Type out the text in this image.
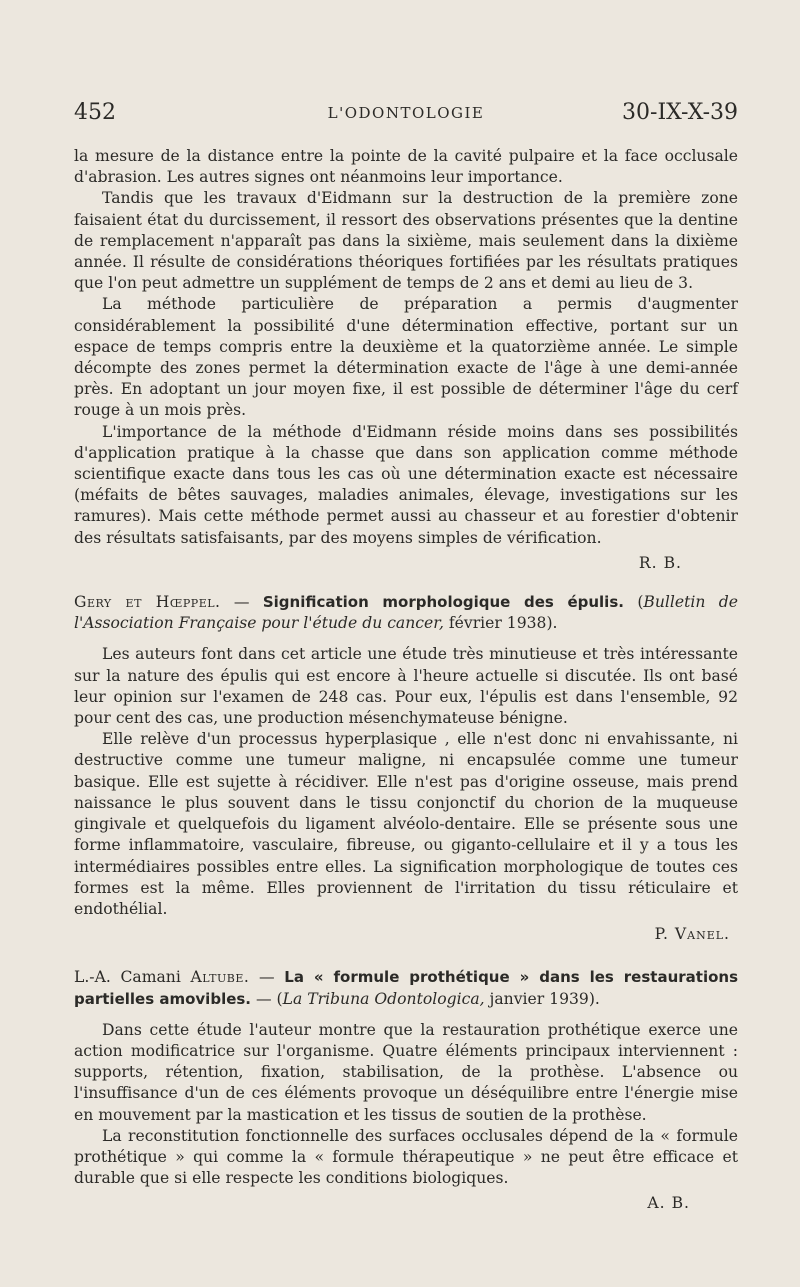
452	L'ODONTOLOGIE	30-IX-X-39

la mesure de la distance entre la pointe de la cavité pulpaire et la face occlusale d'abrasion. Les autres signes ont néanmoins leur importance.

Tandis que les travaux d'Eidmann sur la destruction de la première zone faisaient état du durcissement, il ressort des observations présentes que la dentine de remplacement n'apparaît pas dans la sixième, mais seulement dans la dixième année. Il résulte de considérations théoriques fortifiées par les résultats pratiques que l'on peut admettre un supplément de temps de 2 ans et demi au lieu de 3.

La méthode particulière de préparation a permis d'augmenter considérablement la possibilité d'une détermination effective, portant sur un espace de temps compris entre la deuxième et la quatorzième année. Le simple décompte des zones permet la détermination exacte de l'âge à une demi-année près. En adoptant un jour moyen fixe, il est possible de déterminer l'âge du cerf rouge à un mois près.

L'importance de la méthode d'Eidmann réside moins dans ses possibilités d'application pratique à la chasse que dans son application comme méthode scientifique exacte dans tous les cas où une détermination exacte est nécessaire (méfaits de bêtes sauvages, maladies animales, élevage, investigations sur les ramures). Mais cette méthode permet aussi au chasseur et au forestier d'obtenir des résultats satisfaisants, par des moyens simples de vérification.

R. B.

Gery et Hœppel. — Signification morphologique des épulis. (Bulletin de l'Association Française pour l'étude du cancer, février 1938).

Les auteurs font dans cet article une étude très minutieuse et très intéressante sur la nature des épulis qui est encore à l'heure actuelle si discutée. Ils ont basé leur opinion sur l'examen de 248 cas. Pour eux, l'épulis est dans l'ensemble, 92 pour cent des cas, une production mésenchymateuse bénigne.

Elle relève d'un processus hyperplasique , elle n'est donc ni envahissante, ni destructive comme une tumeur maligne, ni encapsulée comme une tumeur basique. Elle est sujette à récidiver. Elle n'est pas d'origine osseuse, mais prend naissance le plus souvent dans le tissu conjonctif du chorion de la muqueuse gingivale et quelquefois du ligament alvéolo-dentaire. Elle se présente sous une forme inflammatoire, vasculaire, fibreuse, ou giganto-cellulaire et il y a tous les intermédiaires possibles entre elles. La signification morphologique de toutes ces formes est la même. Elles proviennent de l'irritation du tissu réticulaire et endothélial.

P. Vanel.

L.-A. Camani Altube. — La « formule prothétique » dans les restaurations partielles amovibles. — (La Tribuna Odontologica, janvier 1939).

Dans cette étude l'auteur montre que la restauration prothétique exerce une action modificatrice sur l'organisme. Quatre éléments principaux interviennent : supports, rétention, fixation, stabilisation, de la prothèse. L'absence ou l'insuffisance d'un de ces éléments provoque un déséquilibre entre l'énergie mise en mouvement par la mastication et les tissus de soutien de la prothèse.

La reconstitution fonctionnelle des surfaces occlusales dépend de la « formule prothétique » qui comme la « formule thérapeutique » ne peut être efficace et durable que si elle respecte les conditions biologiques.

A. B.
